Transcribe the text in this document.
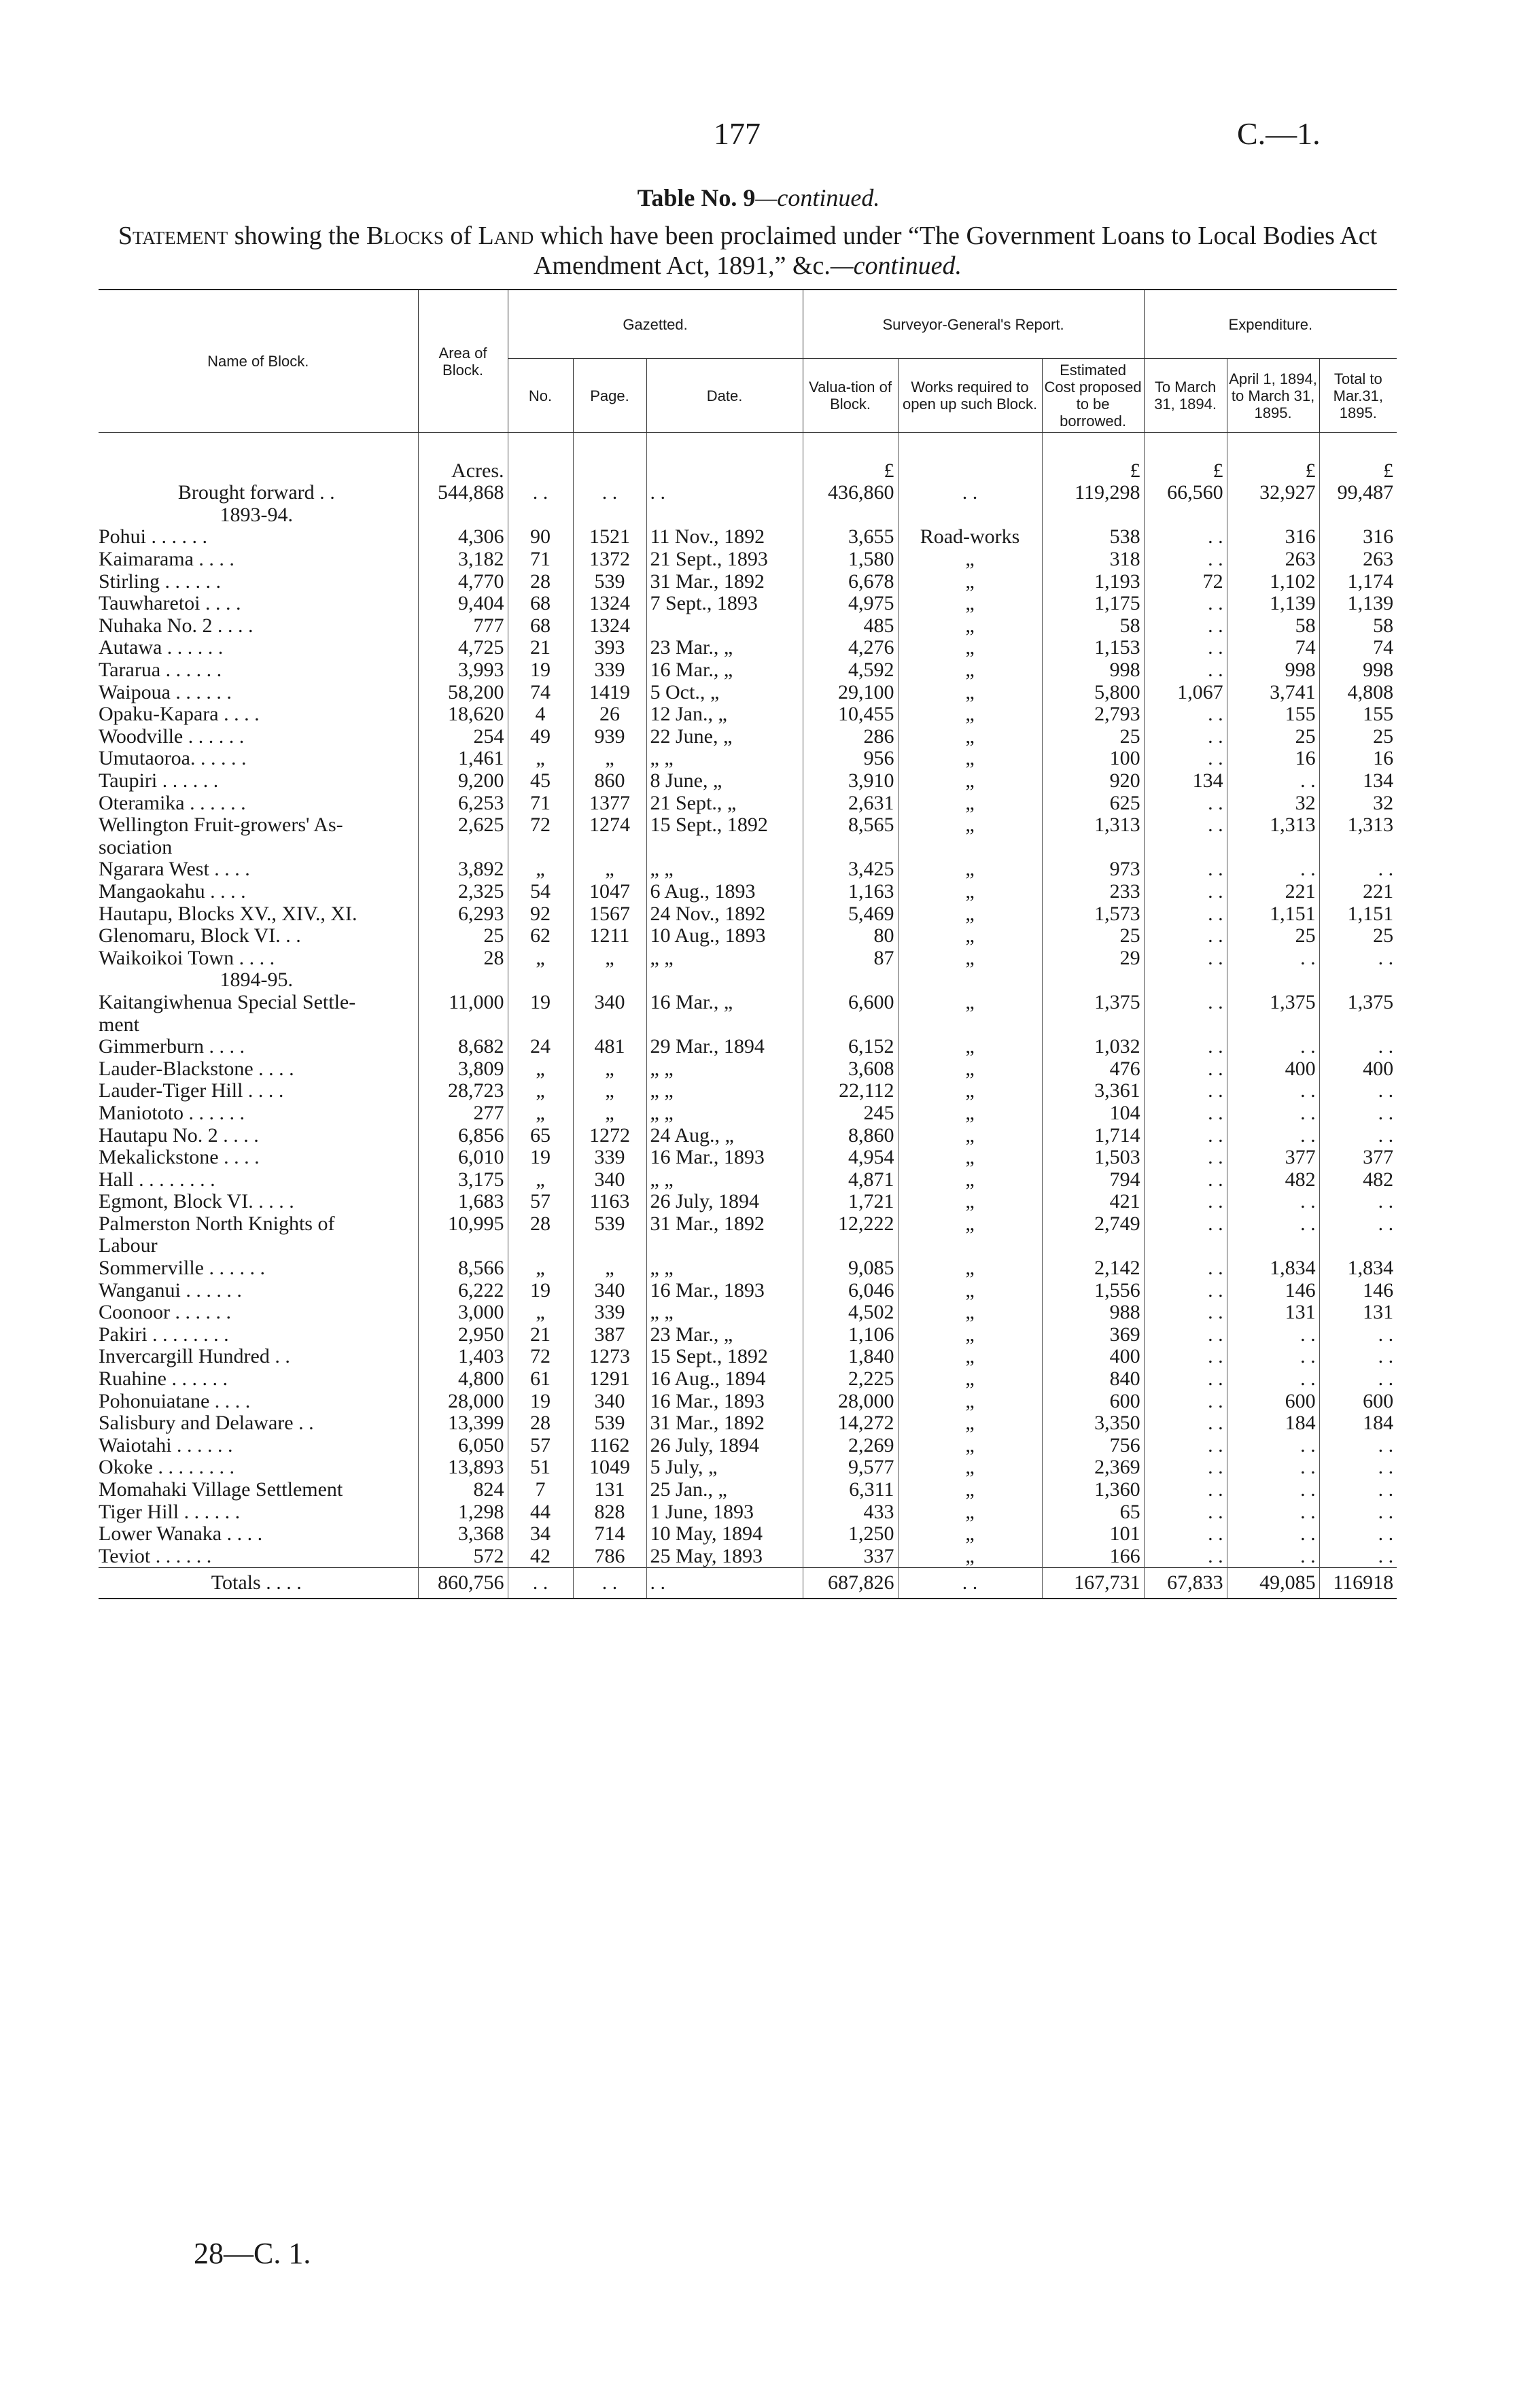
177	C.—1.
Table No. 9—continued.
Statement showing the Blocks of Land which have been proclaimed under “The Government Loans to Local Bodies Act Amendment Act, 1891,” &c.—continued.
Name of Block.	Area of Block.	Gazetted.			Surveyor-General's Report.			Expenditure.		
		No.	Page.	Date.	Valua-tion of Block.	Works required to open up such Block.	Estimated Cost proposed to be borrowed.	To March 31, 1894.	April 1, 1894, to March 31, 1895.	Total to Mar.31, 1895.
	Acres.				£		£	£	£	£
Brought forward . .	544,868	. .	. .	. .	436,860	. .	119,298	66,560	32,927	99,487
1893-94.										
Pohui . . . . . .	4,306	90	1521	11 Nov., 1892	3,655	Road-works	538	. .	316	316
Kaimarama . . . .	3,182	71	1372	21 Sept., 1893	1,580	„	318	. .	263	263
Stirling . . . . . .	4,770	28	539	31 Mar., 1892	6,678	„	1,193	72	1,102	1,174
Tauwharetoi . . . .	9,404	68	1324	7 Sept., 1893	4,975	„	1,175	. .	1,139	1,139
Nuhaka No. 2 . . . .	777	68	1324		485	„	58	. .	58	58
Autawa . . . . . .	4,725	21	393	23 Mar., „	4,276	„	1,153	. .	74	74
Tararua . . . . . .	3,993	19	339	16 Mar., „	4,592	„	998	. .	998	998
Waipoua . . . . . .	58,200	74	1419	5 Oct., „	29,100	„	5,800	1,067	3,741	4,808
Opaku-Kapara . . . .	18,620	4	26	12 Jan., „	10,455	„	2,793	. .	155	155
Woodville . . . . . .	254	49	939	22 June, „	286	„	25	. .	25	25
Umutaoroa. . . . . .	1,461	„	„	„ „	956	„	100	. .	16	16
Taupiri . . . . . .	9,200	45	860	8 June, „	3,910	„	920	134	. .	134
Oteramika . . . . . .	6,253	71	1377	21 Sept., „	2,631	„	625	. .	32	32
Wellington Fruit-growers' As-	2,625	72	1274	15 Sept., 1892	8,565	„	1,313	. .	1,313	1,313
sociation										
Ngarara West . . . .	3,892	„	„	„ „	3,425	„	973	. .	. .	. .
Mangaokahu . . . .	2,325	54	1047	6 Aug., 1893	1,163	„	233	. .	221	221
Hautapu, Blocks XV., XIV., XI.	6,293	92	1567	24 Nov., 1892	5,469	„	1,573	. .	1,151	1,151
Glenomaru, Block VI. . .	25	62	1211	10 Aug., 1893	80	„	25	. .	25	25
Waikoikoi Town . . . .	28	„	„	„ „	87	„	29	. .	. .	. .
1894-95.										
Kaitangiwhenua Special Settle-	11,000	19	340	16 Mar., „	6,600	„	1,375	. .	1,375	1,375
ment										
Gimmerburn . . . .	8,682	24	481	29 Mar., 1894	6,152	„	1,032	. .	. .	. .
Lauder-Blackstone . . . .	3,809	„	„	„ „	3,608	„	476	. .	400	400
Lauder-Tiger Hill . . . .	28,723	„	„	„ „	22,112	„	3,361	. .	. .	. .
Maniototo . . . . . .	277	„	„	„ „	245	„	104	. .	. .	. .
Hautapu No. 2 . . . .	6,856	65	1272	24 Aug., „	8,860	„	1,714	. .	. .	. .
Mekalickstone . . . .	6,010	19	339	16 Mar., 1893	4,954	„	1,503	. .	377	377
Hall . . . . . . . .	3,175	„	340	„ „	4,871	„	794	. .	482	482
Egmont, Block VI. . . . .	1,683	57	1163	26 July, 1894	1,721	„	421	. .	. .	. .
Palmerston North Knights of	10,995	28	539	31 Mar., 1892	12,222	„	2,749	. .	. .	. .
Labour										
Sommerville . . . . . .	8,566	„	„	„ „	9,085	„	2,142	. .	1,834	1,834
Wanganui . . . . . .	6,222	19	340	16 Mar., 1893	6,046	„	1,556	. .	146	146
Coonoor . . . . . .	3,000	„	339	„ „	4,502	„	988	. .	131	131
Pakiri . . . . . . . .	2,950	21	387	23 Mar., „	1,106	„	369	. .	. .	. .
Invercargill Hundred . .	1,403	72	1273	15 Sept., 1892	1,840	„	400	. .	. .	. .
Ruahine . . . . . .	4,800	61	1291	16 Aug., 1894	2,225	„	840	. .	. .	. .
Pohonuiatane . . . .	28,000	19	340	16 Mar., 1893	28,000	„	600	. .	600	600
Salisbury and Delaware . .	13,399	28	539	31 Mar., 1892	14,272	„	3,350	. .	184	184
Waiotahi . . . . . .	6,050	57	1162	26 July, 1894	2,269	„	756	. .	. .	. .
Okoke . . . . . . . .	13,893	51	1049	5 July, „	9,577	„	2,369	. .	. .	. .
Momahaki Village Settlement	824	7	131	25 Jan., „	6,311	„	1,360	. .	. .	. .
Tiger Hill . . . . . .	1,298	44	828	1 June, 1893	433	„	65	. .	. .	. .
Lower Wanaka . . . .	3,368	34	714	10 May, 1894	1,250	„	101	. .	. .	. .
Teviot . . . . . .	572	42	786	25 May, 1893	337	„	166	. .	. .	. .
Totals . . . .	860,756	. .	. .	. .	687,826	. .	167,731	67,833	49,085	116918
28—C. 1.
